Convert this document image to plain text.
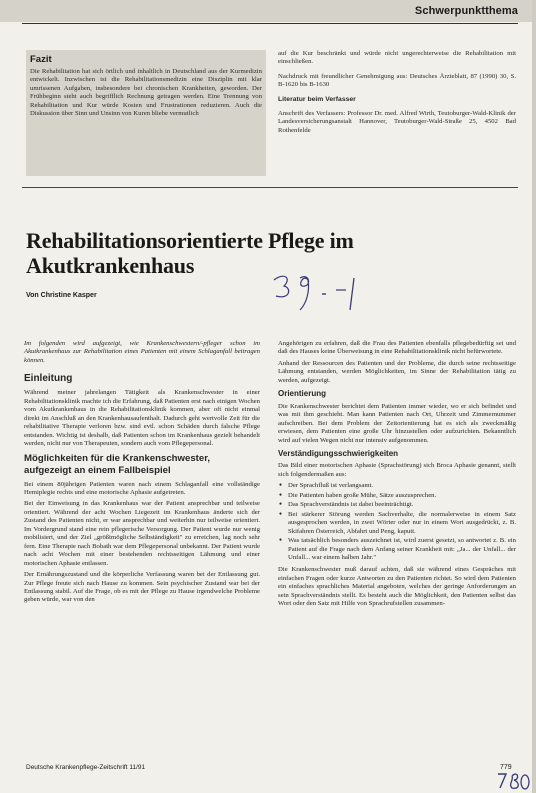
Schwerpunktthema
Fazit
Die Rehabilitation hat sich örtlich und inhaltlich in Deutschland aus der Kurmedizin entwickelt. Inzwischen ist die Rehabilitationsmedizin eine Disziplin mit klar umrissenen Aufgaben, insbesondere bei chronischen Krankheiten, geworden. Der Frühbeginn steht auch begrifflich Rechnung getragen werden. Eine Trennung von Rehabilitation und Kur würde Kosten und Frustrationen reduzieren. Auch die Diskussion über Sinn und Unsinn von Kuren bliebe vermutlich

auf die Kur beschränkt und würde nicht ungerechterweise die Rehabilitation mit einschließen.

Nachdruck mit freundlicher Genehmigung aus: Deutsches Ärzteblatt, 87 (1990) 30, S. B-1620 bis B-1630

Literatur beim Verfasser

Anschrift des Verfassers: Professor Dr. med. Alfred Wirth, Teutoburger-Wald-Klinik der Landesversicherungsanstalt Hannover, Teutoburger-Wald-Straße 25, 4502 Bad Rothenfelde

Rehabilitationsorientierte Pflege im Akutkrankenhaus
Von Christine Kasper

Im folgenden wird aufgezeigt, wie Krankenschwestern/-pfleger schon im Akutkrankenhaus zur Rehabilitation eines Patienten mit einem Schlaganfall beitragen können.

Einleitung

Während meiner jahrelangen Tätigkeit als Krankenschwester in einer Rehabilitationsklinik machte ich die Erfahrung, daß Patienten erst nach einigen Wochen vom Akutkrankenhaus in die Rehabilitationsklinik kommen, aber oft nicht einmal direkt im Anschluß an den Krankenhausaufenthalt. Dadurch geht wertvolle Zeit für die rehabilitative Therapie verloren bzw. sind evtl. schon Schäden durch falsche Pflege entstanden. Wichtig ist deshalb, daß Patienten schon im Krankenhaus gezielt behandelt werden, nicht nur von Therapeuten, sondern auch vom Pflegepersonal.

Möglichkeiten für die Krankenschwester, aufgezeigt an einem Fallbeispiel

Bei einem 80jährigen Patienten waren nach einem Schlaganfall eine vollständige Hemiplegie rechts und eine motorische Aphasie aufgetreten.

Bei der Einweisung in das Krankenhaus war der Patient ansprechbar und teilweise orientiert. Während der acht Wochen Liegezeit im Krankenhaus änderte sich der Zustand des Patienten nicht, er war ansprechbar und weiterhin nur teilweise orientiert. Im Vordergrund stand eine rein pflegerische Versorgung. Der Patient wurde nur wenig mobilisiert, und der Ziel „größtmögliche Selbständigkeit" zu erreichen, lag noch sehr fern. Eine Therapie nach Bobath war dem Pflegepersonal unbekannt. Der Patient wurde nach acht Wochen mit einer bestehenden rechtsseitigen Lähmung und einer motorischen Aphasie entlassen.

Der Ernährungszustand und die körperliche Verfassung waren bei der Entlassung gut. Zur Pflege freute sich nach Hause zu kommen. Sein psychischer Zustand war bei der Entlassung stabil. Auf die Frage, ob es mit der Pflege zu Hause irgendwelche Probleme geben würde, war von den

Angehörigen zu erfahren, daß die Frau des Patienten ebenfalls pflegebedürftig sei und daß des Hauses keine Überweisung in eine Rehabilitationsklinik nicht befürwortete.

Anhand der Ressourcen des Patienten und der Probleme, die durch seine rechtsseitige Lähmung entstanden, werden Möglichkeiten, im Sinne der Rehabilitation tätig zu werden, aufgezeigt.

Orientierung

Die Krankenschwester berichtet dem Patienten immer wieder, wo er sich befindet und was mit ihm geschieht. Man kann Patienten nach Ort, Uhrzeit und Zimmernummer aufschreiben. Bei dem Problem der Zeitorientierung hat es sich als zweckmäßig erwiesen, dem Patienten eine große Uhr hinzustellen oder aufzurichten. Bekanntlich wird auf vielen Wegen nicht nur intensiv aufgenommen.

Verständigungsschwierigkeiten

Das Bild einer motorischen Aphasie (Sprachstörung) sich Broca Aphasie genannt, stellt sich folgendermaßen aus:

● Der Sprachfluß ist verlangsamt.
● Die Patienten haben große Mühe, Sätze auszusprechen.
● Das Sprachverständnis ist dabei beeinträchtigt.
● Bei stärkerer Störung werden Sachverhalte, die normalerweise in einem Satz ausgesprochen werden, in zwei Wörter oder nur in einem Wort ausgedrückt, z. B. Skifahren Österreich, Abfahrt und Peng, kaputt.
● Was tatsächlich besonders auszeichnet ist, wird zuerst gesetzt, so antwortet z. B. ein Patient auf die Frage nach dem Anfang seiner Krankheit mit: „Ja... der Unfall... der Unfall... war einem halben Jahr."

Die Krankenschwester muß darauf achten, daß sie während eines Gespräches mit einfachen Fragen oder kurze Antworten zu den Patienten richtet. So wird dem Patienten ein einfaches sprachliches Material angeboten, welches der geringe Anforderungen an sein Sprachverständnis stellt. Es besteht auch die Möglichkeit, den Patienten selbst das Wort oder den Satz mit Hilfe von Sprachrufstellen zusammen-

Deutsche Krankenpflege-Zeitschrift 11/91	779
